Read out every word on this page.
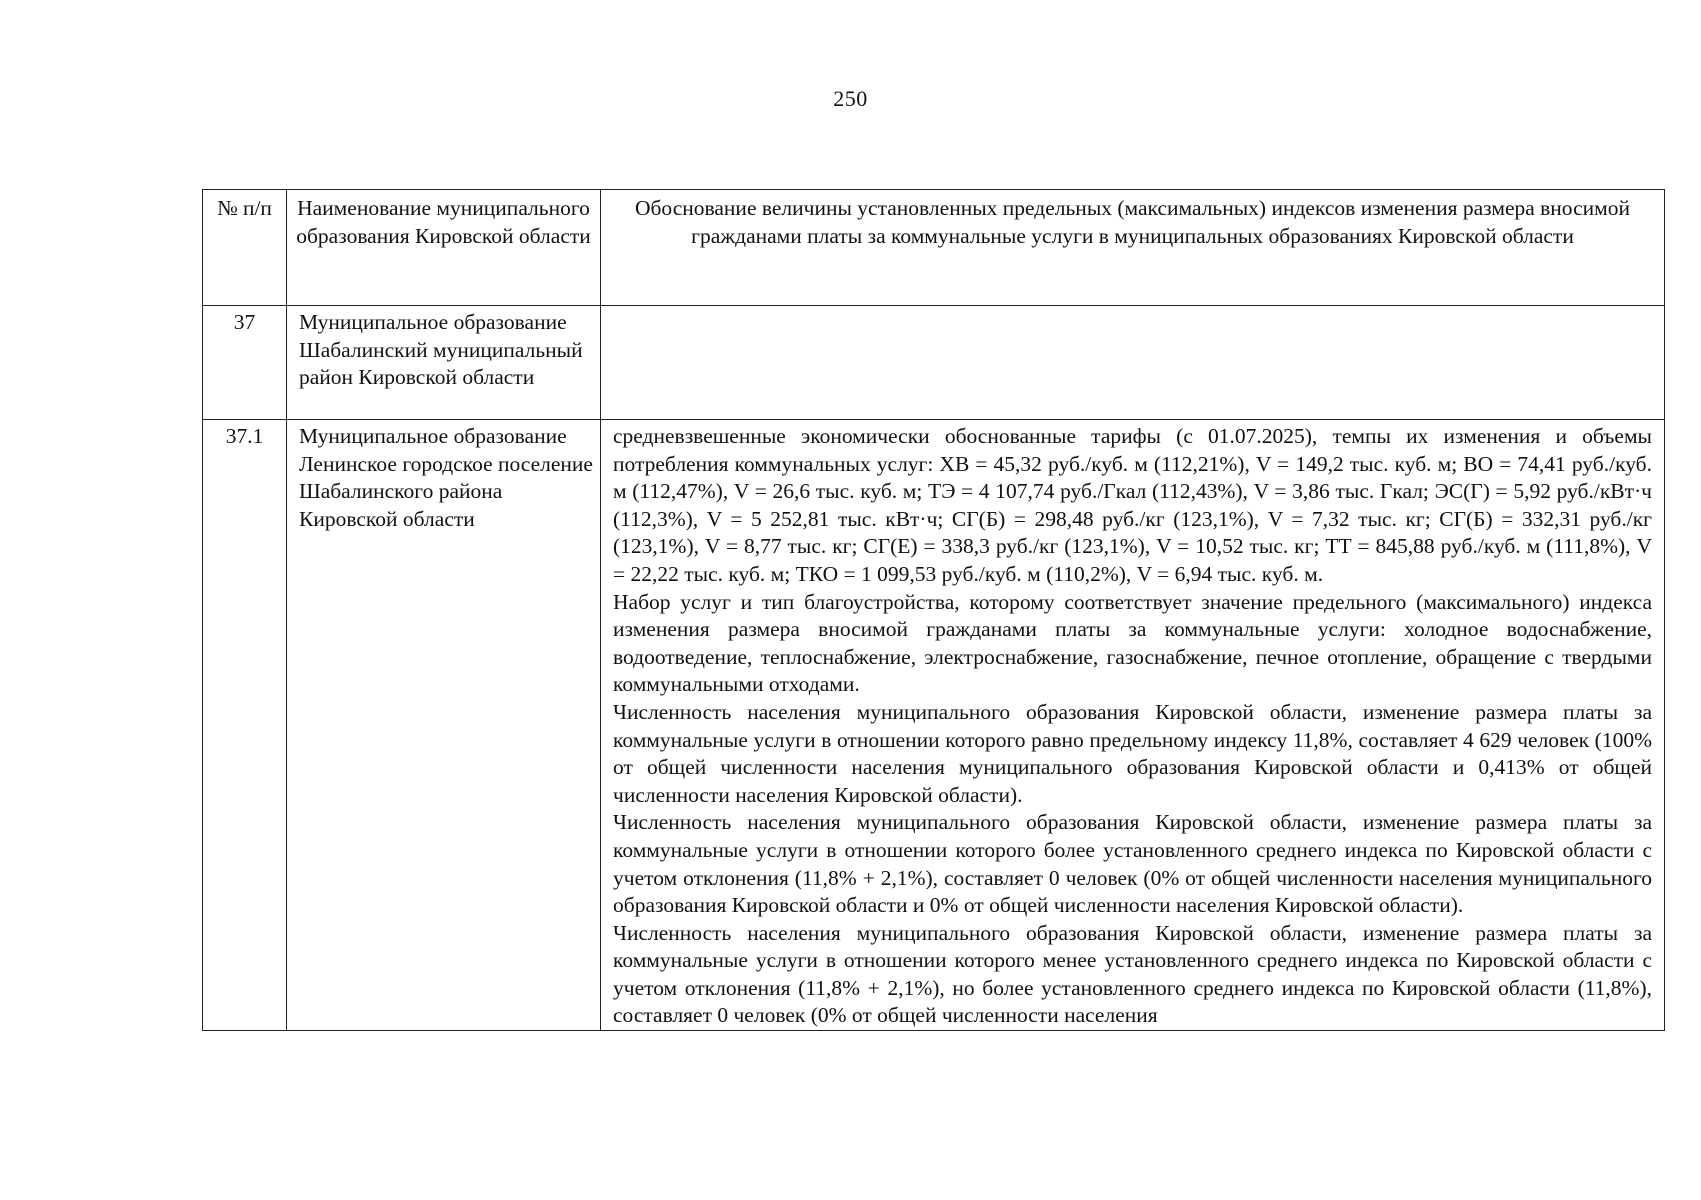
250
№ п/п	Наименование муниципального образования Кировской области	Обоснование величины установленных предельных (максимальных) индексов изменения размера вносимой гражданами платы за коммунальные услуги в муниципальных образованиях Кировской области
37	Муниципальное образование Шабалинский муниципальный район Кировской области	
37.1	Муниципальное образование Ленинское городское поселение Шабалинского района Кировской области	средневзвешенные экономически обоснованные тарифы (с 01.07.2025), темпы их изменения и объемы потребления коммунальных услуг: ХВ = 45,32 руб./куб. м (112,21%), V = 149,2 тыс. куб. м; ВО = 74,41 руб./куб. м (112,47%), V = 26,6 тыс. куб. м; ТЭ = 4 107,74 руб./Гкал (112,43%), V = 3,86 тыс. Гкал; ЭС(Г) = 5,92 руб./кВт·ч (112,3%), V = 5 252,81 тыс. кВт·ч; СГ(Б) = 298,48 руб./кг (123,1%), V = 7,32 тыс. кг; СГ(Б) = 332,31 руб./кг (123,1%), V = 8,77 тыс. кг; СГ(Е) = 338,3 руб./кг (123,1%), V = 10,52 тыс. кг; ТТ = 845,88 руб./куб. м (111,8%), V = 22,22 тыс. куб. м; ТКО = 1 099,53 руб./куб. м (110,2%), V = 6,94 тыс. куб. м.
Набор услуг и тип благоустройства, которому соответствует значение предельного (максимального) индекса изменения размера вносимой гражданами платы за коммунальные услуги: холодное водоснабжение, водоотведение, теплоснабжение, электроснабжение, газоснабжение, печное отопление, обращение с твердыми коммунальными отходами.
Численность населения муниципального образования Кировской области, изменение размера платы за коммунальные услуги в отношении которого равно предельному индексу 11,8%, составляет 4 629 человек (100% от общей численности населения муниципального образования Кировской области и 0,413% от общей численности населения Кировской области).
Численность населения муниципального образования Кировской области, изменение размера платы за коммунальные услуги в отношении которого более установленного среднего индекса по Кировской области с учетом отклонения (11,8% + 2,1%), составляет 0 человек (0% от общей численности населения муниципального образования Кировской области и 0% от общей численности населения Кировской области).
Численность населения муниципального образования Кировской области, изменение размера платы за коммунальные услуги в отношении которого менее установленного среднего индекса по Кировской области с учетом отклонения (11,8% + 2,1%), но более установленного среднего индекса по Кировской области (11,8%), составляет 0 человек (0% от общей численности населения
